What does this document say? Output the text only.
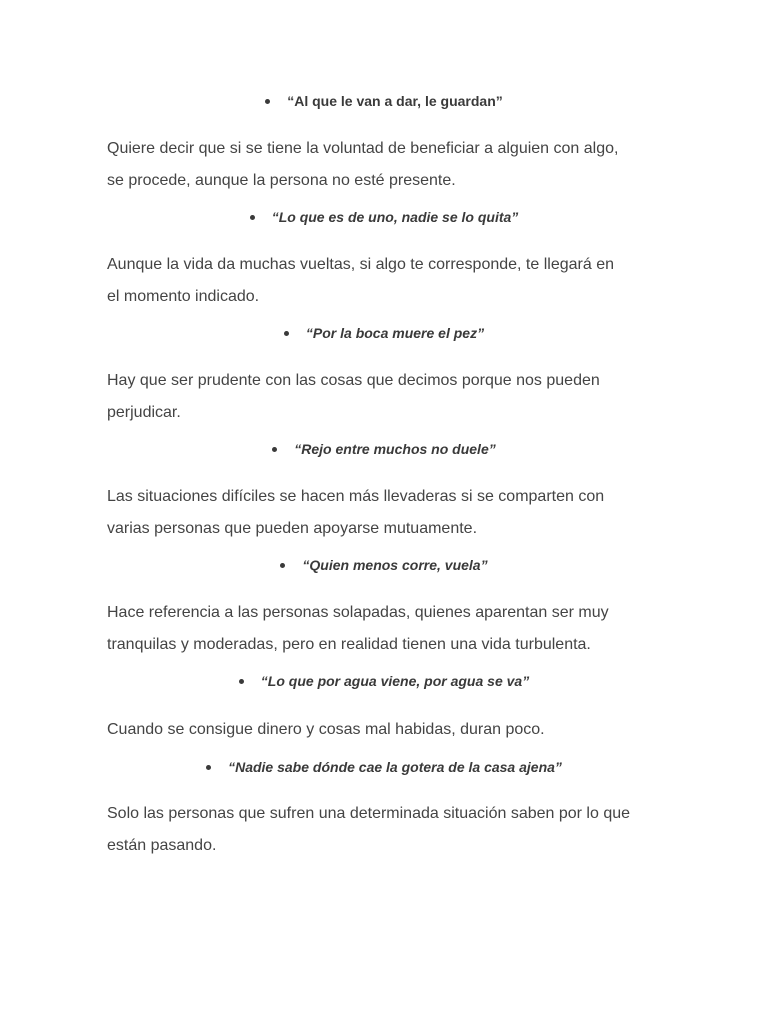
“Al que le van a dar, le guardan”

Quiere decir que si se tiene la voluntad de beneficiar a alguien con algo,
se procede, aunque la persona no esté presente.

“Lo que es de uno, nadie se lo quita”

Aunque la vida da muchas vueltas, si algo te corresponde, te llegará en
el momento indicado.

“Por la boca muere el pez”

Hay que ser prudente con las cosas que decimos porque nos pueden
perjudicar.

“Rejo entre muchos no duele”

Las situaciones difíciles se hacen más llevaderas si se comparten con
varias personas que pueden apoyarse mutuamente.

“Quien menos corre, vuela”

Hace referencia a las personas solapadas, quienes aparentan ser muy
tranquilas y moderadas, pero en realidad tienen una vida turbulenta.

“Lo que por agua viene, por agua se va”

Cuando se consigue dinero y cosas mal habidas, duran poco.

“Nadie sabe dónde cae la gotera de la casa ajena”

Solo las personas que sufren una determinada situación saben por lo que
están pasando.
